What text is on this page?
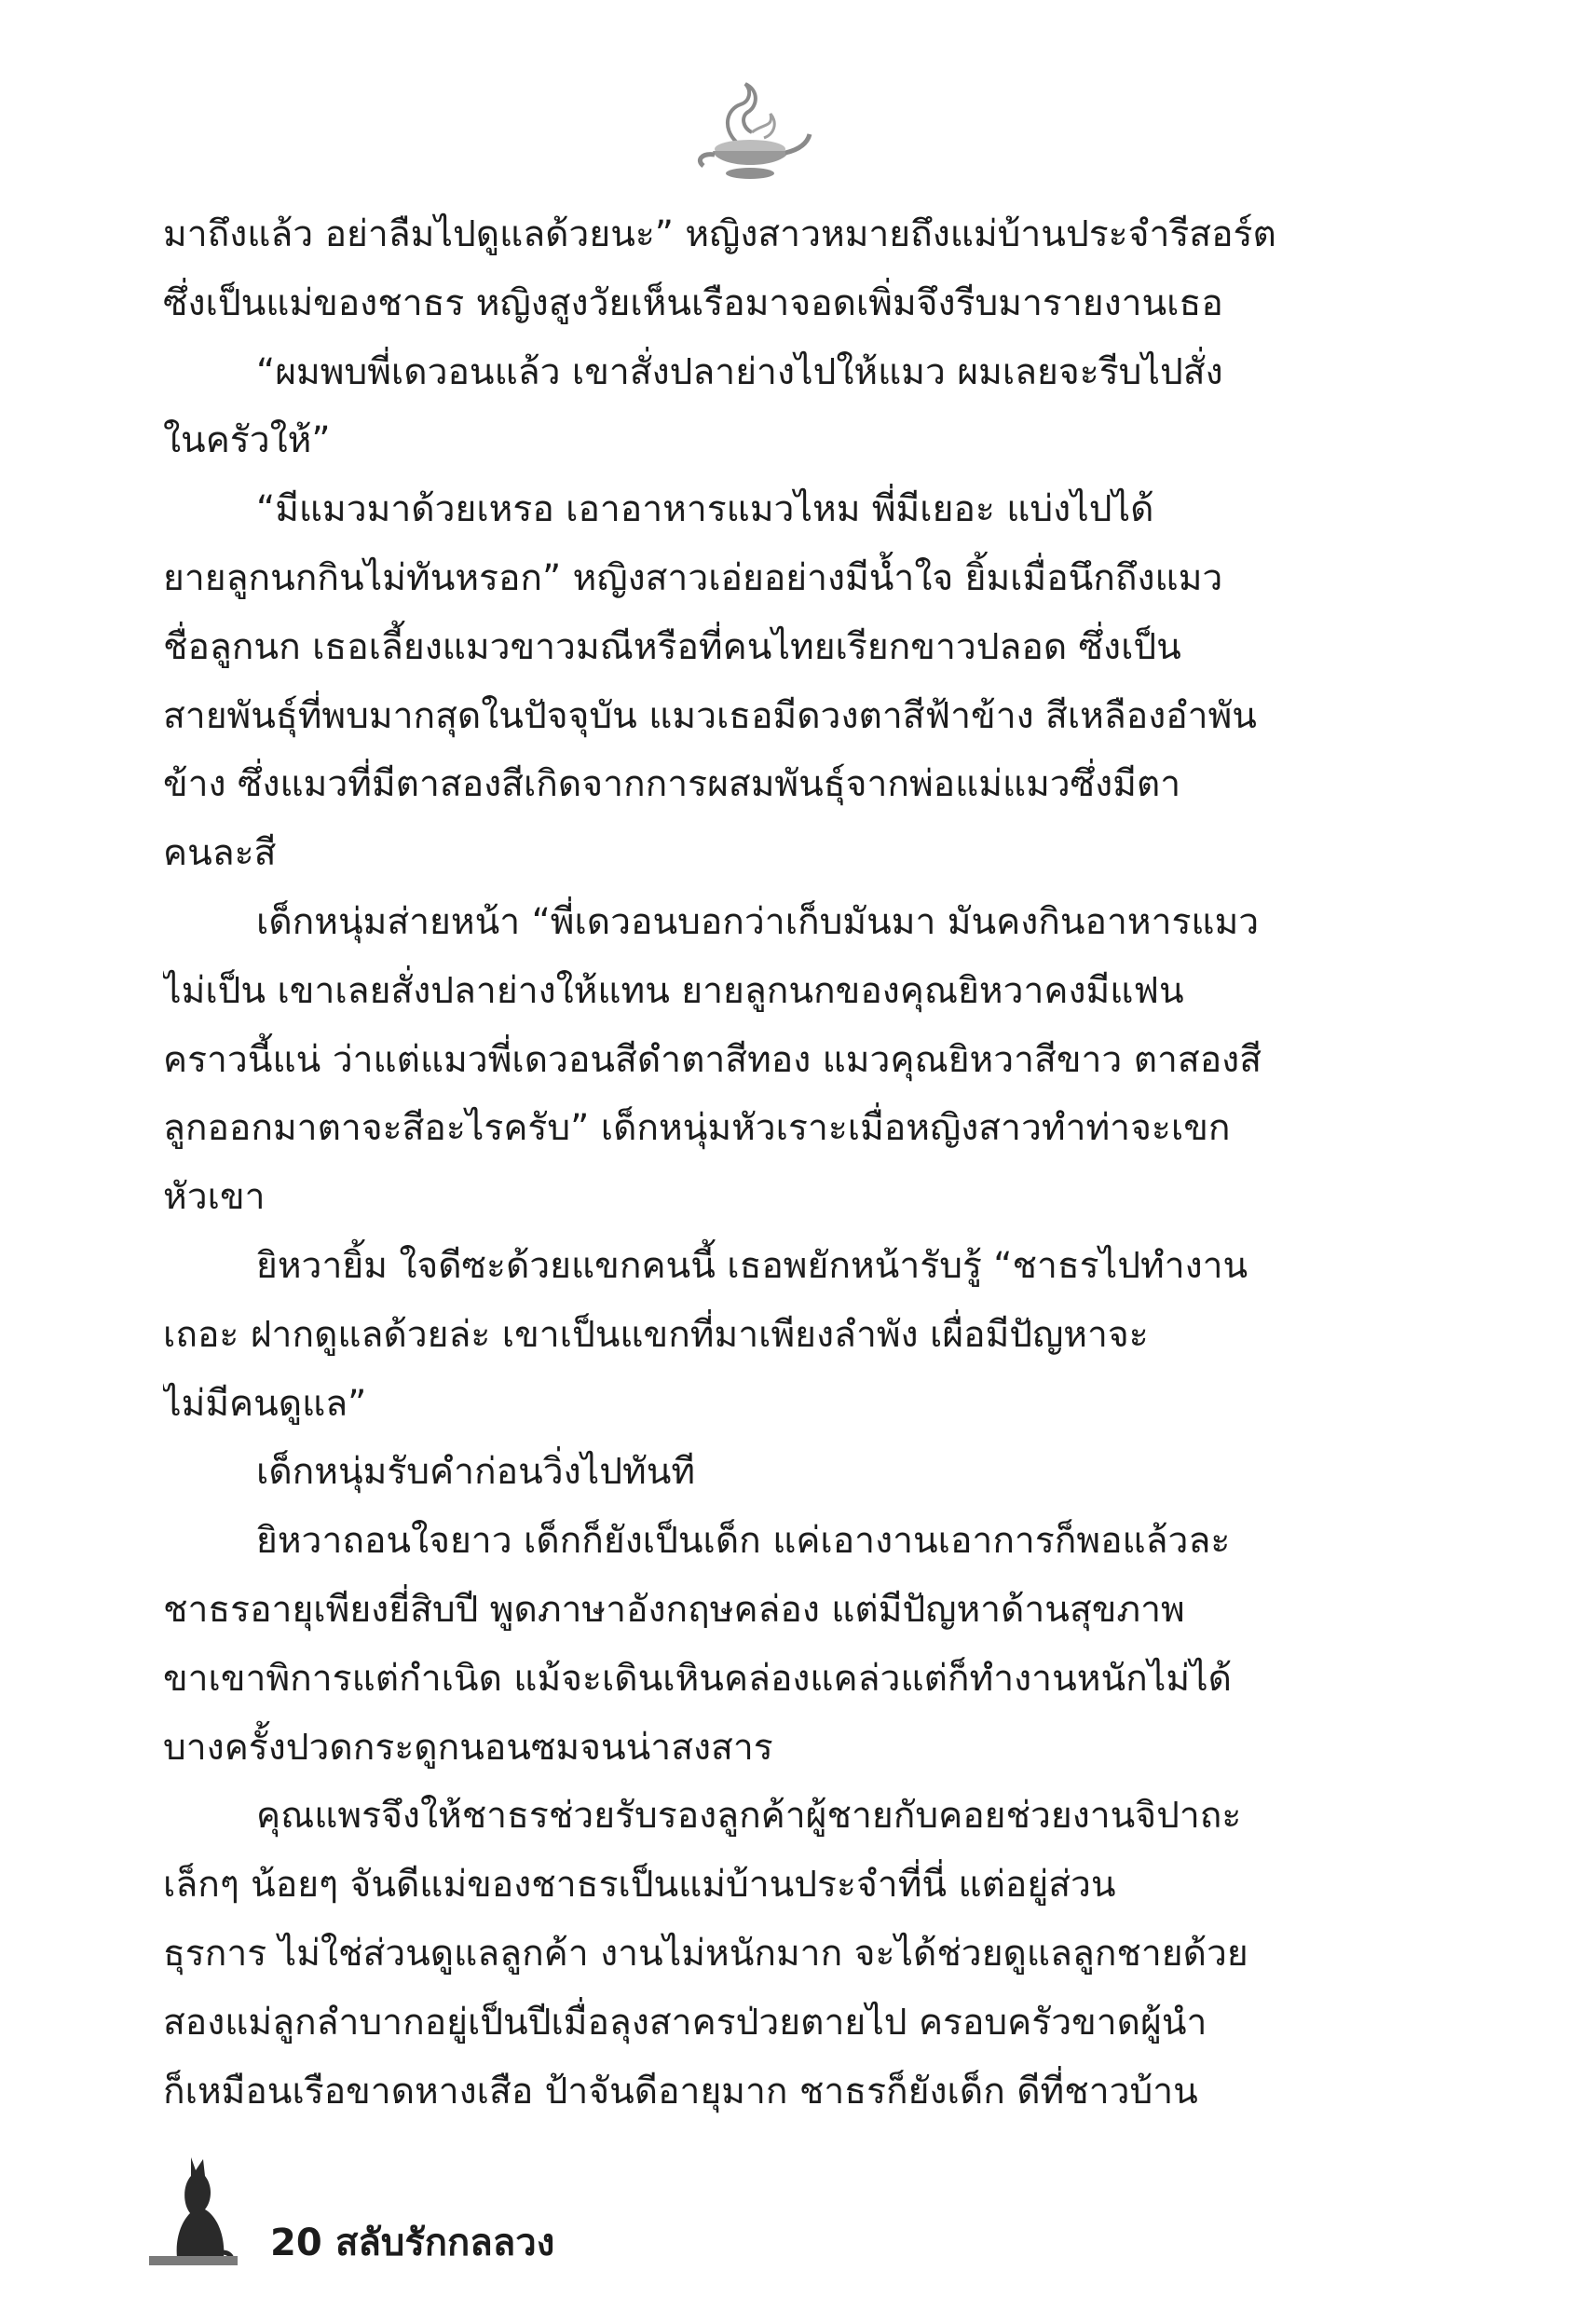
มาถึงแล้ว อย่าลืมไปดูแลด้วยนะ” หญิงสาวหมายถึงแม่บ้านประจำรีสอร์ต
ซึ่งเป็นแม่ของชาธร หญิงสูงวัยเห็นเรือมาจอดเพิ่มจึงรีบมารายงานเธอ
“ผมพบพี่เดวอนแล้ว เขาสั่งปลาย่างไปให้แมว ผมเลยจะรีบไปสั่ง
ในครัวให้”
“มีแมวมาด้วยเหรอ เอาอาหารแมวไหม พี่มีเยอะ แบ่งไปได้
ยายลูกนกกินไม่ทันหรอก” หญิงสาวเอ่ยอย่างมีน้ำใจ ยิ้มเมื่อนึกถึงแมว
ชื่อลูกนก เธอเลี้ยงแมวขาวมณีหรือที่คนไทยเรียกขาวปลอด ซึ่งเป็น
สายพันธุ์ที่พบมากสุดในปัจจุบัน แมวเธอมีดวงตาสีฟ้าข้าง สีเหลืองอำพัน
ข้าง ซึ่งแมวที่มีตาสองสีเกิดจากการผสมพันธุ์จากพ่อแม่แมวซึ่งมีตา
คนละสี
เด็กหนุ่มส่ายหน้า “พี่เดวอนบอกว่าเก็บมันมา มันคงกินอาหารแมว
ไม่เป็น เขาเลยสั่งปลาย่างให้แทน ยายลูกนกของคุณยิหวาคงมีแฟน
คราวนี้แน่ ว่าแต่แมวพี่เดวอนสีดำตาสีทอง แมวคุณยิหวาสีขาว ตาสองสี
ลูกออกมาตาจะสีอะไรครับ” เด็กหนุ่มหัวเราะเมื่อหญิงสาวทำท่าจะเขก
หัวเขา
ยิหวายิ้ม ใจดีซะด้วยแขกคนนี้ เธอพยักหน้ารับรู้ “ชาธรไปทำงาน
เถอะ ฝากดูแลด้วยล่ะ เขาเป็นแขกที่มาเพียงลำพัง เผื่อมีปัญหาจะ
ไม่มีคนดูแล”
เด็กหนุ่มรับคำก่อนวิ่งไปทันที
ยิหวาถอนใจยาว เด็กก็ยังเป็นเด็ก แค่เอางานเอาการก็พอแล้วละ
ชาธรอายุเพียงยี่สิบปี พูดภาษาอังกฤษคล่อง แต่มีปัญหาด้านสุขภาพ
ขาเขาพิการแต่กำเนิด แม้จะเดินเหินคล่องแคล่วแต่ก็ทำงานหนักไม่ได้
บางครั้งปวดกระดูกนอนซมจนน่าสงสาร
คุณแพรจึงให้ชาธรช่วยรับรองลูกค้าผู้ชายกับคอยช่วยงานจิปาถะ
เล็กๆ น้อยๆ จันดีแม่ของชาธรเป็นแม่บ้านประจำที่นี่ แต่อยู่ส่วน
ธุรการ ไม่ใช่ส่วนดูแลลูกค้า งานไม่หนักมาก จะได้ช่วยดูแลลูกชายด้วย
สองแม่ลูกลำบากอยู่เป็นปีเมื่อลุงสาครป่วยตายไป ครอบครัวขาดผู้นำ
ก็เหมือนเรือขาดหางเสือ ป้าจันดีอายุมาก ชาธรก็ยังเด็ก ดีที่ชาวบ้าน
20 สลับรักกลลวง
